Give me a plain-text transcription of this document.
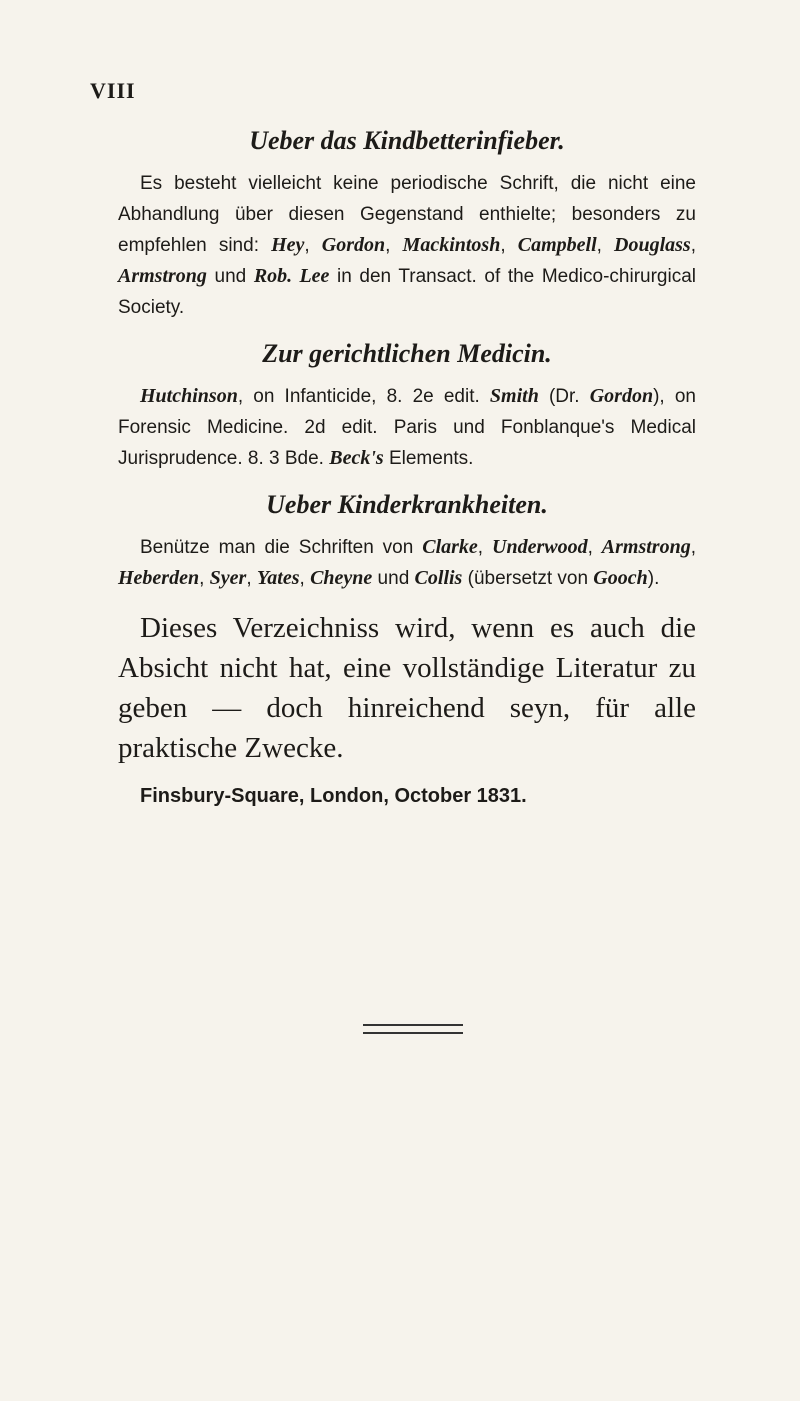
VIII
Ueber das Kindbetterinfieber.

Es besteht vielleicht keine periodische Schrift, die nicht eine Abhandlung über diesen Gegenstand enthielte; besonders zu empfehlen sind: Hey, Gordon, Mackintosh, Campbell, Douglass, Armstrong und Rob. Lee in den Transact. of the Medico-chirurgical Society.

Zur gerichtlichen Medicin.

Hutchinson, on Infanticide, 8. 2e edit. Smith (Dr. Gordon), on Forensic Medicine. 2d edit. Paris und Fonblanque's Medical Jurisprudence. 8. 3 Bde. Beck's Elements.

Ueber Kinderkrankheiten.

Benütze man die Schriften von Clarke, Underwood, Armstrong, Heberden, Syer, Yates, Cheyne und Collis (übersetzt von Gooch).

Dieses Verzeichniss wird, wenn es auch die Absicht nicht hat, eine vollständige Literatur zu geben — doch hinreichend seyn, für alle praktische Zwecke.

Finsbury-Square, London, October 1831.
